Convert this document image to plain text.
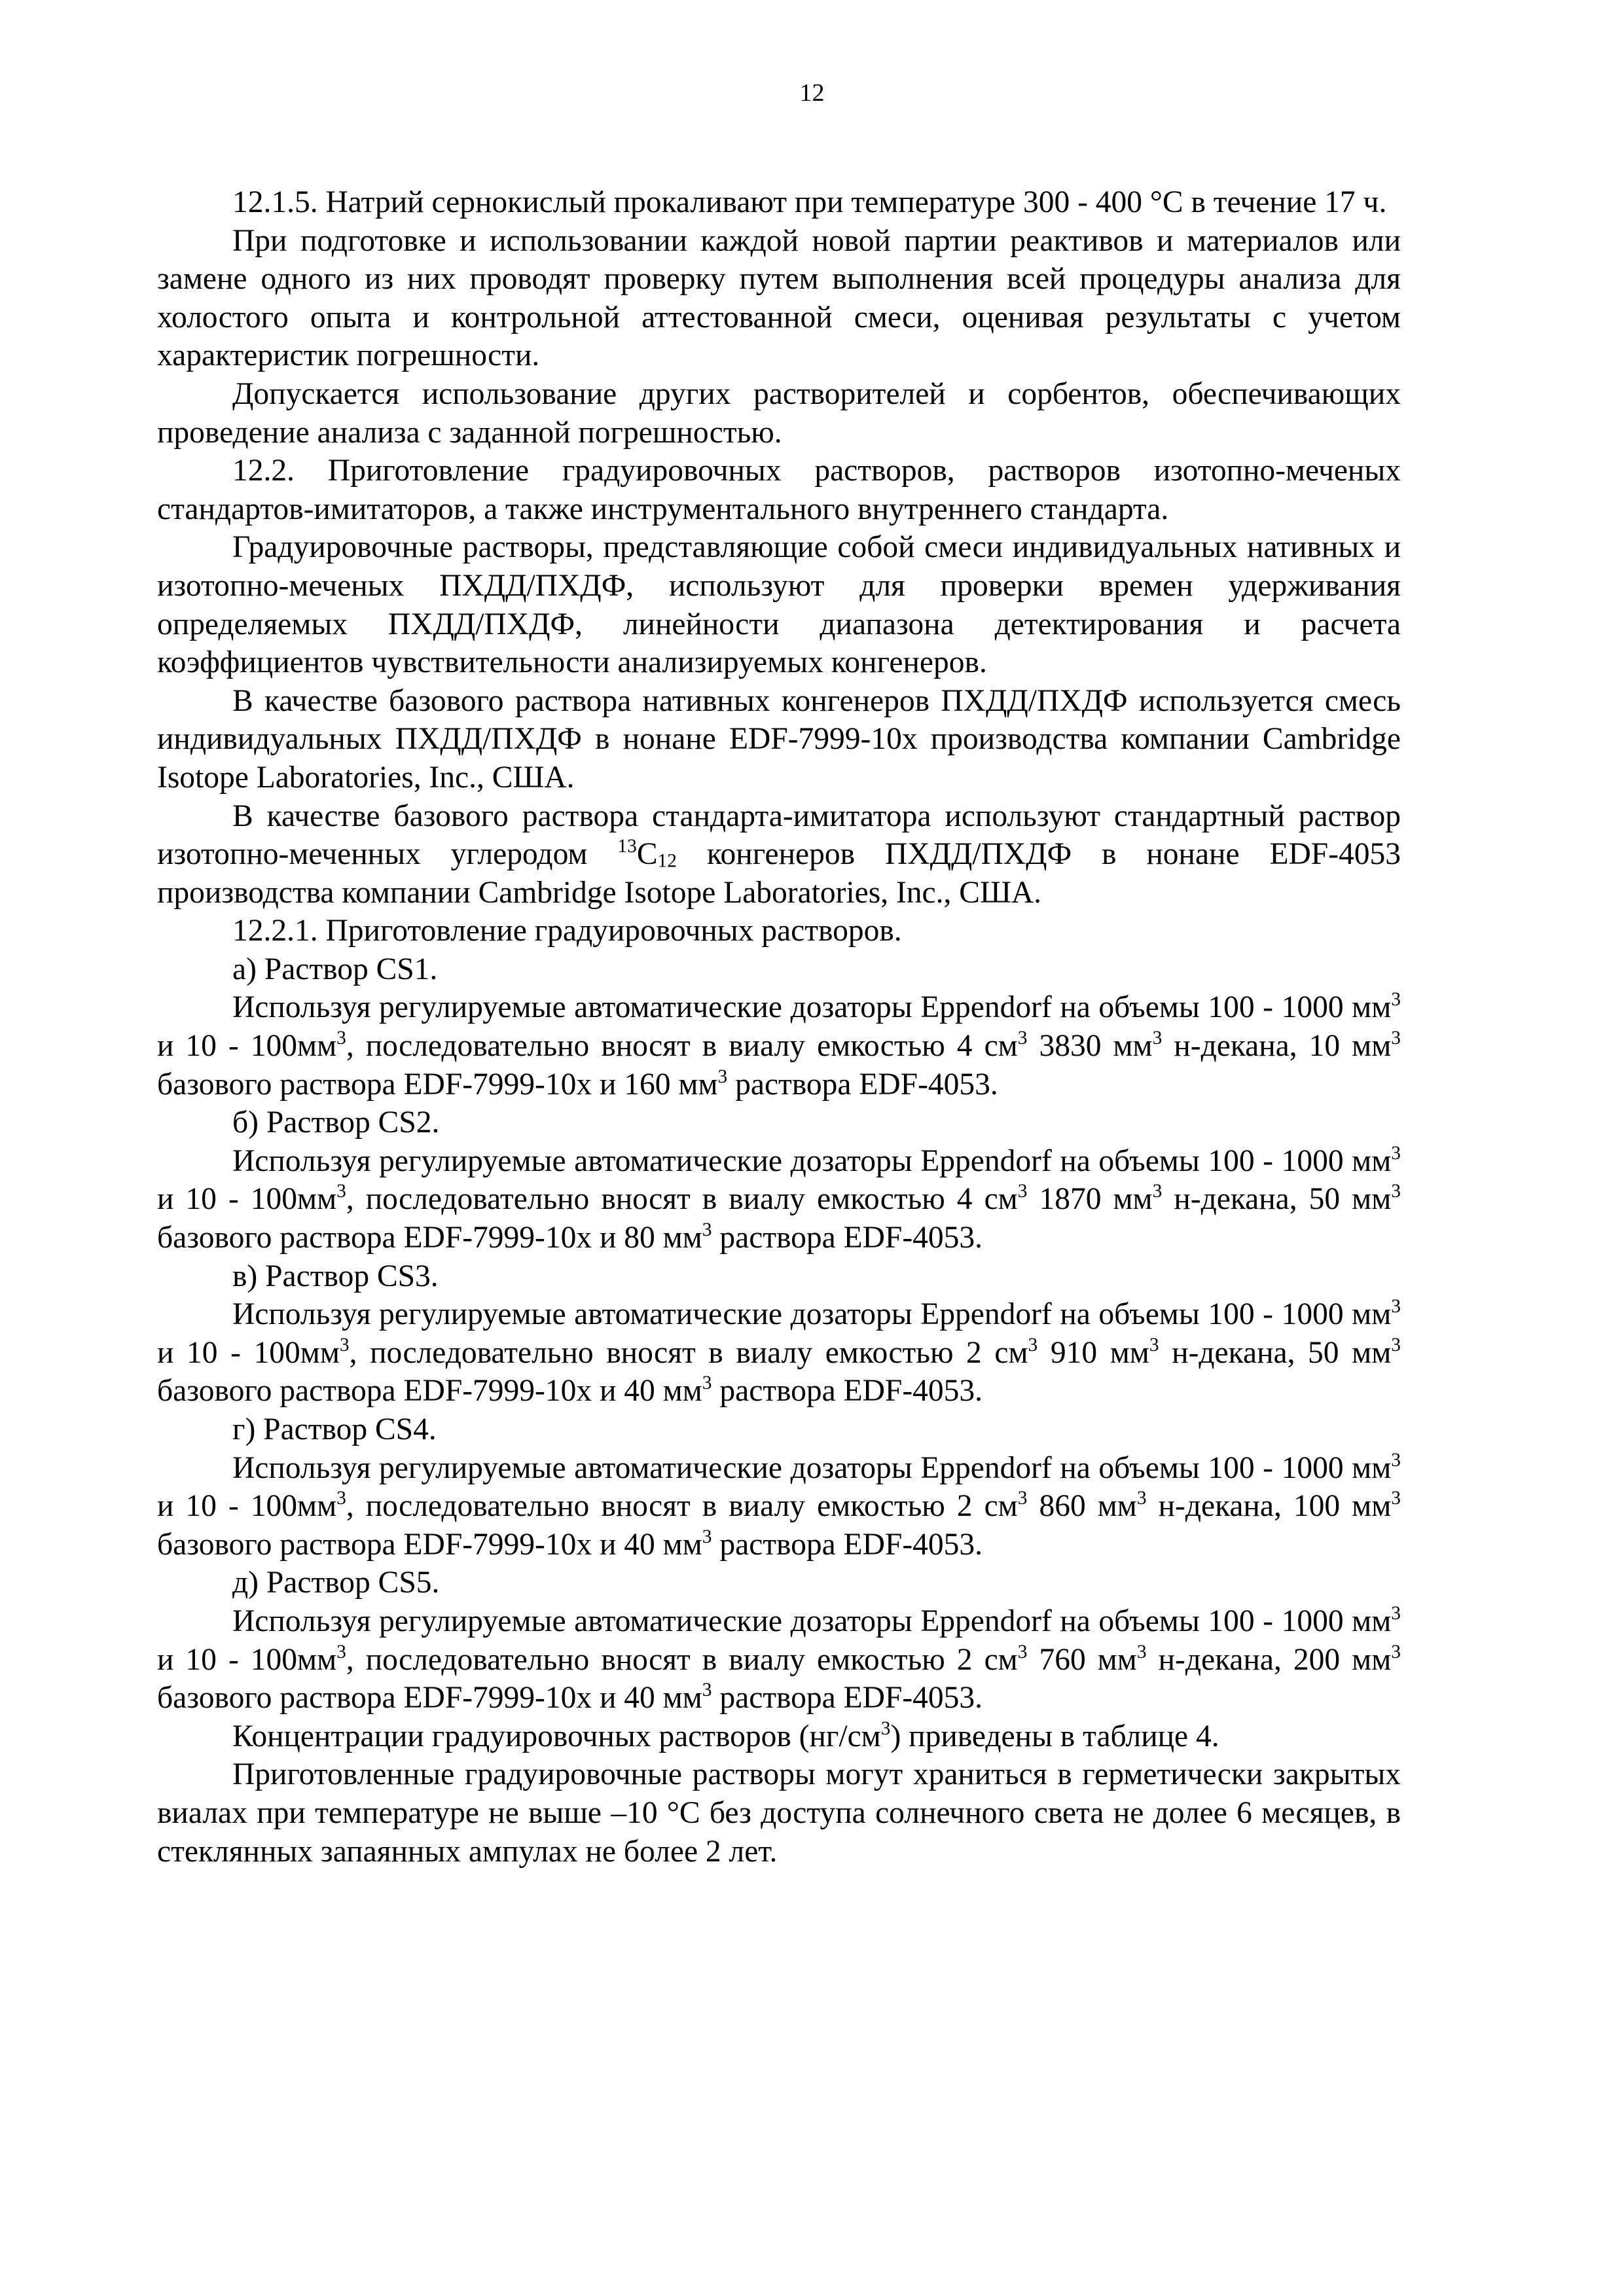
12

12.1.5. Натрий сернокислый прокаливают при температуре 300 - 400 °С в течение 17 ч.

При подготовке и использовании каждой новой партии реактивов и материалов или замене одного из них проводят проверку путем выполнения всей процедуры анализа для холостого опыта и контрольной аттестованной смеси, оценивая результаты с учетом характеристик погрешности.

Допускается использование других растворителей и сорбентов, обеспечивающих проведение анализа с заданной погрешностью.

12.2. Приготовление градуировочных растворов, растворов изотопно-меченых стандартов-имитаторов, а также инструментального внутреннего стандарта.

Градуировочные растворы, представляющие собой смеси индивидуальных нативных и изотопно-меченых ПХДД/ПХДФ, используют для проверки времен удерживания определяемых ПХДД/ПХДФ, линейности диапазона детектирования и расчета коэффициентов чувствительности анализируемых конгенеров.

В качестве базового раствора нативных конгенеров ПХДД/ПХДФ используется смесь индивидуальных ПХДД/ПХДФ в нонане EDF-7999-10х производства компании Cambridge Isotope Laboratories, Inc., США.

В качестве базового раствора стандарта-имитатора используют стандартный раствор изотопно-меченных углеродом $^{13}С_{12}$ конгенеров ПХДД/ПХДФ в нонане EDF-4053 производства компании Cambridge Isotope Laboratories, Inc., США.

12.2.1. Приготовление градуировочных растворов.

а) Раствор CS1.

Используя регулируемые автоматические дозаторы Eppendorf на объемы 100 - 1000 $мм^3$ и $10 - 100мм^3$, последовательно вносят в виалу емкостью 4 $см^3$ 3830 $мм^3$ н-декана, 10 $мм^3$ базового раствора EDF-7999-10х и 160 $мм^3$ раствора EDF-4053.

б) Раствор CS2.

Используя регулируемые автоматические дозаторы Eppendorf на объемы 100 - 1000 $мм^3$ и $10 - 100мм^3$, последовательно вносят в виалу емкостью 4 $см^3$ 1870 $мм^3$ н-декана, 50 $мм^3$ базового раствора EDF-7999-10х и 80 $мм^3$ раствора EDF-4053.

в) Раствор CS3.

Используя регулируемые автоматические дозаторы Eppendorf на объемы 100 - 1000 $мм^3$ и $10 - 100мм^3$, последовательно вносят в виалу емкостью 2 $см^3$ 910 $мм^3$ н-декана, 50 $мм^3$ базового раствора EDF-7999-10х и 40 $мм^3$ раствора EDF-4053.

г) Раствор CS4.

Используя регулируемые автоматические дозаторы Eppendorf на объемы 100 - 1000 $мм^3$ и $10 - 100мм^3$, последовательно вносят в виалу емкостью 2 $см^3$ 860 $мм^3$ н-декана, 100 $мм^3$ базового раствора EDF-7999-10х и 40 $мм^3$ раствора EDF-4053.

д) Раствор CS5.

Используя регулируемые автоматические дозаторы Eppendorf на объемы 100 - 1000 $мм^3$ и $10 - 100мм^3$, последовательно вносят в виалу емкостью 2 $см^3$ 760 $мм^3$ н-декана, 200 $мм^3$ базового раствора EDF-7999-10х и 40 $мм^3$ раствора EDF-4053.

Концентрации градуировочных растворов $(нг/см^3)$ приведены в таблице 4.

Приготовленные градуировочные растворы могут храниться в герметически закрытых виалах при температуре не выше –10 °С без доступа солнечного света не долее 6 месяцев, в стеклянных запаянных ампулах не более 2 лет.
